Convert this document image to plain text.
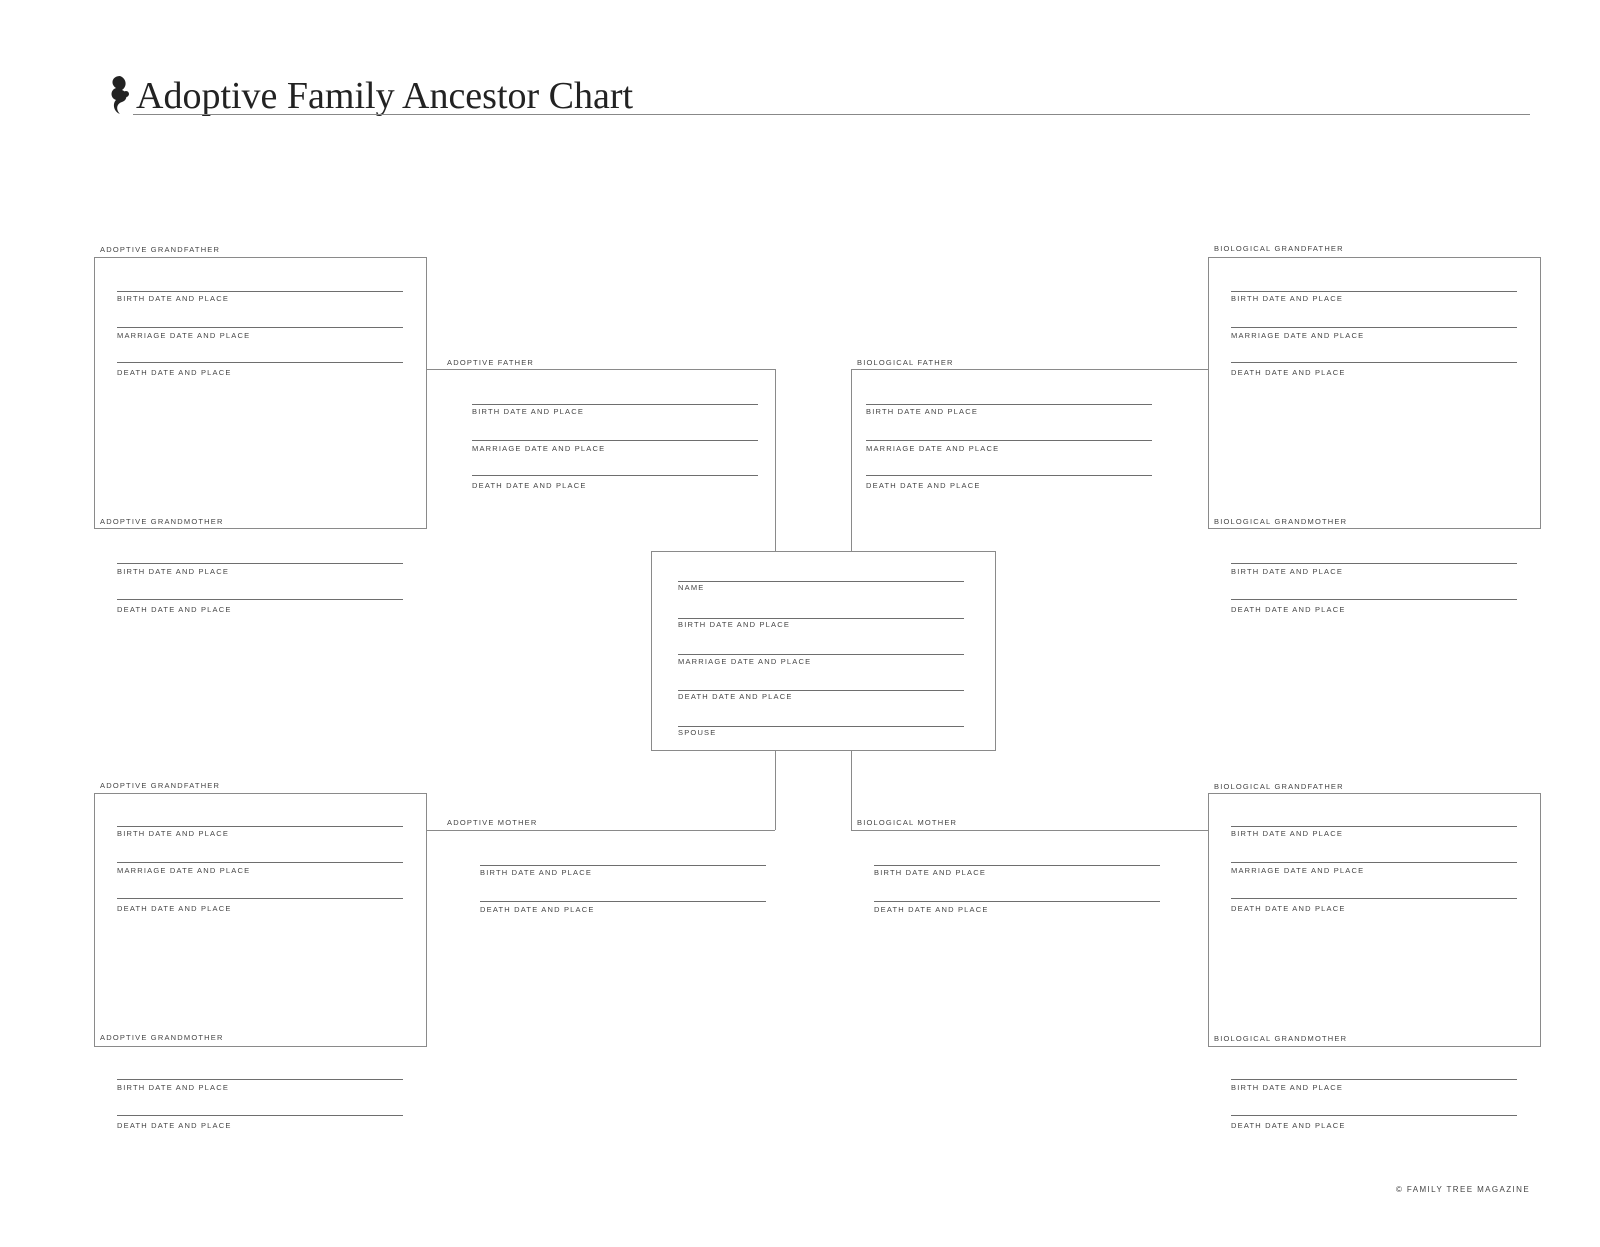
Adoptive Family Ancestor Chart
ADOPTIVE GRANDFATHER
BIRTH DATE AND PLACE
MARRIAGE DATE AND PLACE
DEATH DATE AND PLACE
ADOPTIVE GRANDMOTHER
BIRTH DATE AND PLACE
DEATH DATE AND PLACE
BIOLOGICAL GRANDFATHER
BIRTH DATE AND PLACE
MARRIAGE DATE AND PLACE
DEATH DATE AND PLACE
BIOLOGICAL GRANDMOTHER
BIRTH DATE AND PLACE
DEATH DATE AND PLACE
ADOPTIVE FATHER
BIRTH DATE AND PLACE
MARRIAGE DATE AND PLACE
DEATH DATE AND PLACE
BIOLOGICAL FATHER
BIRTH DATE AND PLACE
MARRIAGE DATE AND PLACE
DEATH DATE AND PLACE
NAME
BIRTH DATE AND PLACE
MARRIAGE DATE AND PLACE
DEATH DATE AND PLACE
SPOUSE
ADOPTIVE MOTHER
BIRTH DATE AND PLACE
DEATH DATE AND PLACE
BIOLOGICAL MOTHER
BIRTH DATE AND PLACE
DEATH DATE AND PLACE
ADOPTIVE GRANDFATHER
BIRTH DATE AND PLACE
MARRIAGE DATE AND PLACE
DEATH DATE AND PLACE
ADOPTIVE GRANDMOTHER
BIRTH DATE AND PLACE
DEATH DATE AND PLACE
BIOLOGICAL GRANDFATHER
BIRTH DATE AND PLACE
MARRIAGE DATE AND PLACE
DEATH DATE AND PLACE
BIOLOGICAL GRANDMOTHER
BIRTH DATE AND PLACE
DEATH DATE AND PLACE
© FAMILY TREE MAGAZINE
